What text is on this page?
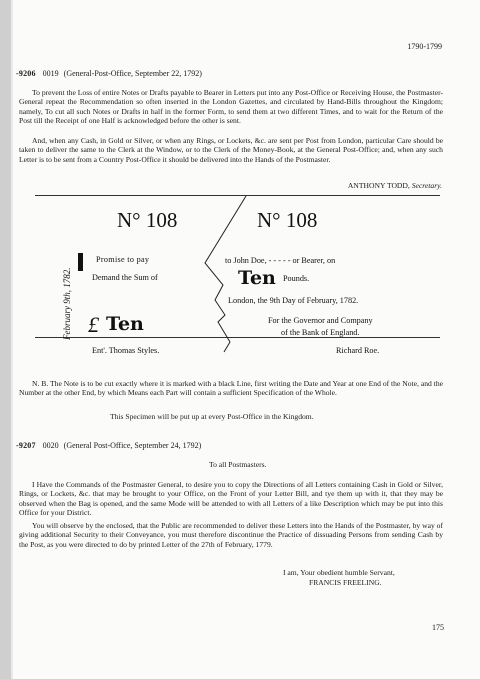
1790-1799
-9206 0019 (General-Post-Office, September 22, 1792)
To prevent the Loss of entire Notes or Drafts payable to Bearer in Letters put into any Post-Office or Receiving House, the Postmaster-General repeat the Recommendation so often inserted in the London Gazettes, and circulated by Hand-Bills throughout the Kingdom; namely, To cut all such Notes or Drafts in half in the former Form, to send them at two different Times, and to wait for the Return of the Post till the Receipt of one Half is acknowledged before the other is sent.
And, when any Cash, in Gold or Silver, or when any Rings, or Lockets, &c. are sent per Post from London, particular Care should be taken to deliver the same to the Clerk at the Window, or to the Clerk of the Money-Book, at the General Post-Office; and, when any such Letter is to be sent from a Country Post-Office it should be delivered into the Hands of the Postmaster.
ANTHONY TODD, Secretary.
N° 108	N° 108
February 9th, 1782.
Promise to pay	to John Doe, - - - - - or Bearer, on
Demand the Sum of	Ten Pounds.
London, the 9th Day of February, 1782.
£ Ten	For the Governor and Company
of the Bank of England.
Ent'. Thomas Styles.	Richard Roe.
N. B. The Note is to be cut exactly where it is marked with a black Line, first writing the Date and Year at one End of the Note, and the Number at the other End, by which Means each Part will contain a sufficient Specification of the Whole.
This Specimen will be put up at every Post-Office in the Kingdom.
-9207 0020 (General Post-Office, September 24, 1792)
To all Postmasters.
I Have the Commands of the Postmaster General, to desire you to copy the Directions of all Letters containing Cash in Gold or Silver, Rings, or Lockets, &c. that may be brought to your Office, on the Front of your Letter Bill, and tye them up with it, that they may be observed when the Bag is opened, and the same Mode will be attended to with all Letters of a like Description which may be put into this Office for your District.
You will observe by the enclosed, that the Public are recommended to deliver these Letters into the Hands of the Postmaster, by way of giving additional Security to their Conveyance, you must therefore discontinue the Practice of dissuading Persons from sending Cash by the Post, as you were directed to do by printed Letter of the 27th of February, 1779.
I am, Your obedient humble Servant,
FRANCIS FREELING.
175
